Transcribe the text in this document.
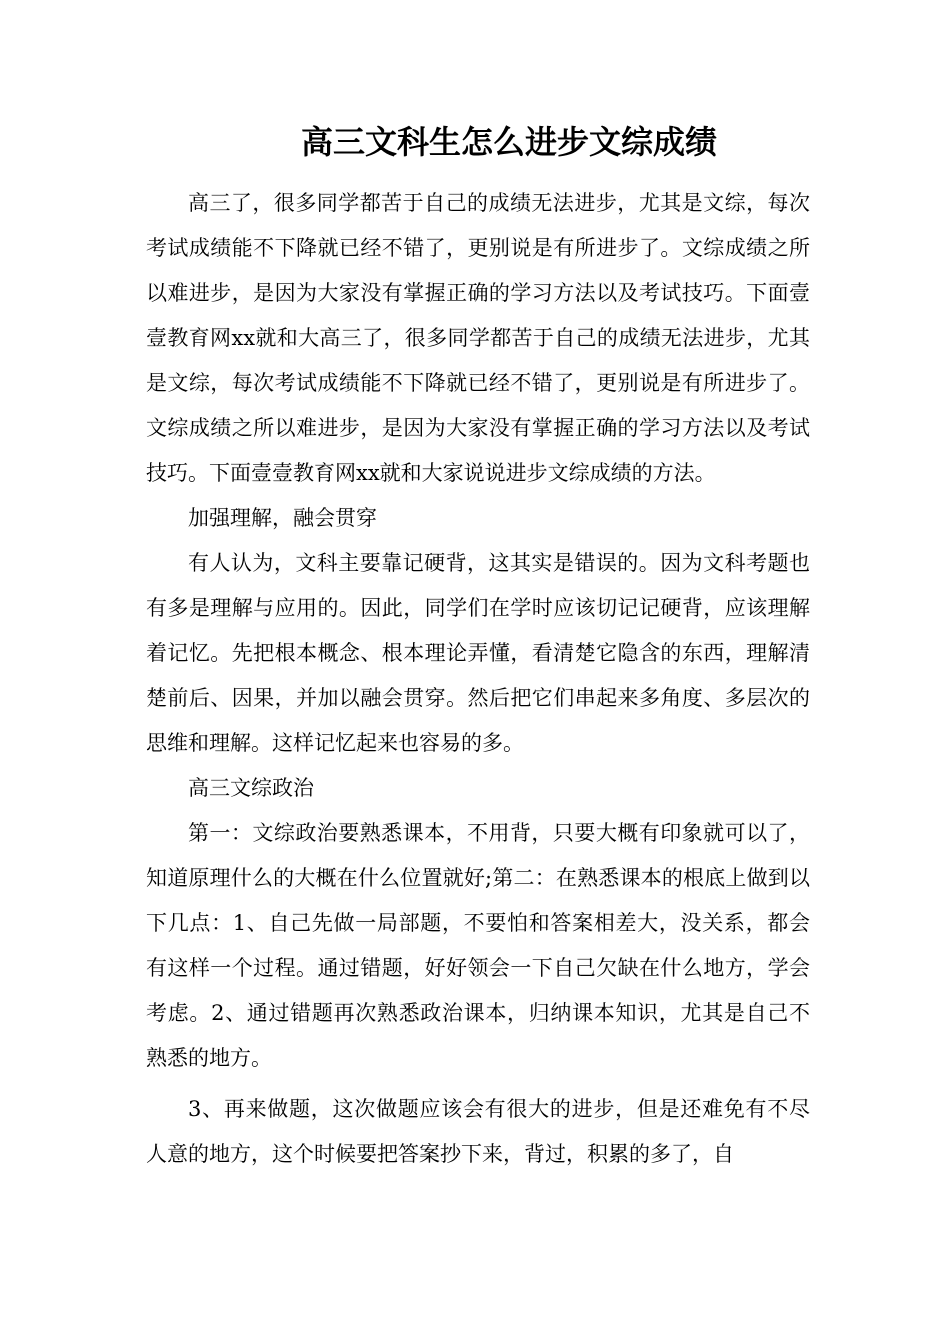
高三文科生怎么进步文综成绩

高三了，很多同学都苦于自己的成绩无法进步，尤其是文综，每次考试成绩能不下降就已经不错了，更别说是有所进步了。文综成绩之所以难进步，是因为大家没有掌握正确的学习方法以及考试技巧。下面壹壹教育网xx就和大高三了，很多同学都苦于自己的成绩无法进步，尤其是文综，每次考试成绩能不下降就已经不错了，更别说是有所进步了。文综成绩之所以难进步，是因为大家没有掌握正确的学习方法以及考试技巧。下面壹壹教育网xx就和大家说说进步文综成绩的方法。

加强理解，融会贯穿

有人认为，文科主要靠记硬背，这其实是错误的。因为文科考题也有多是理解与应用的。因此，同学们在学时应该切记记硬背，应该理解着记忆。先把根本概念、根本理论弄懂，看清楚它隐含的东西，理解清楚前后、因果，并加以融会贯穿。然后把它们串起来多角度、多层次的思维和理解。这样记忆起来也容易的多。

高三文综政治

第一：文综政治要熟悉课本，不用背，只要大概有印象就可以了，知道原理什么的大概在什么位置就好;第二：在熟悉课本的根底上做到以下几点：1、自己先做一局部题，不要怕和答案相差大，没关系，都会有这样一个过程。通过错题，好好领会一下自己欠缺在什么地方，学会考虑。2、通过错题再次熟悉政治课本，归纳课本知识，尤其是自己不熟悉的地方。

3、再来做题，这次做题应该会有很大的进步，但是还难免有不尽人意的地方，这个时候要把答案抄下来，背过，积累的多了，自
